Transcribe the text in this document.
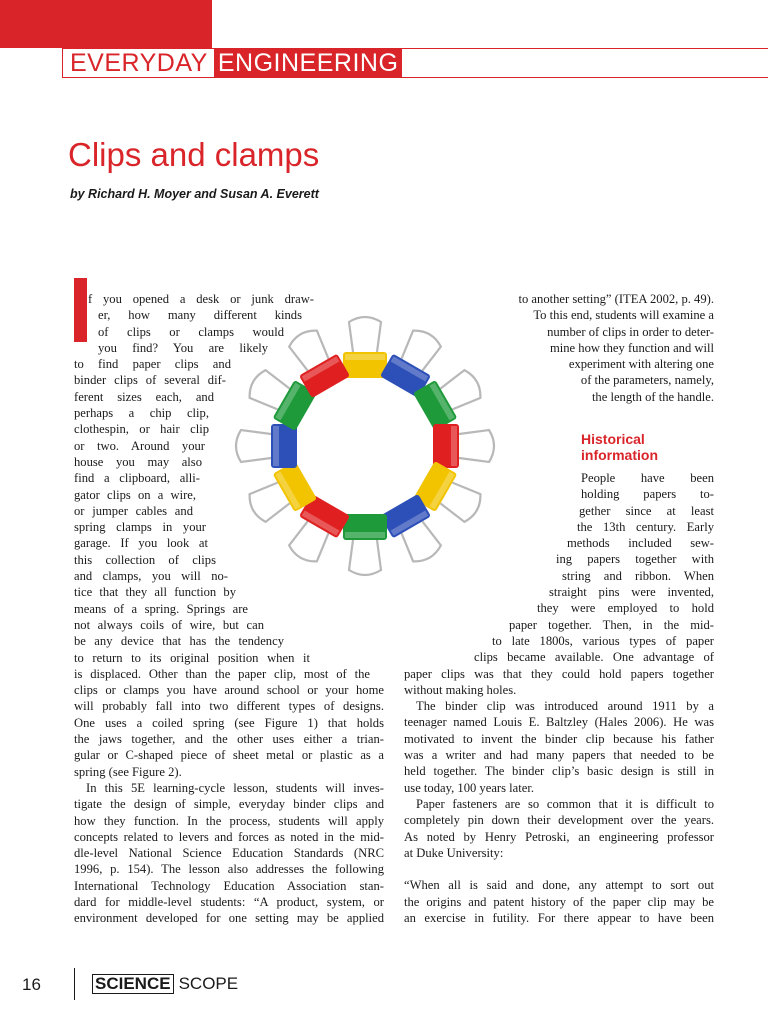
EVERYDAY ENGINEERING
Clips and clamps
by Richard H. Moyer and Susan A. Everett
f you opened a desk or junk draw-
er, how many different kinds
of clips or clamps would
you find? You are likely
to find paper clips and
binder clips of several dif-
ferent sizes each, and
perhaps a chip clip,
clothespin, or hair clip
or two. Around your
house you may also
find a clipboard, alli-
gator clips on a wire,
or jumper cables and
spring clamps in your
garage. If you look at
this collection of clips
and clamps, you will no-
tice that they all function by
means of a spring. Springs are
not always coils of wire, but can
be any device that has the tendency
to return to its original position when it
is displaced. Other than the paper clip, most of the
clips or clamps you have around school or your home
will probably fall into two different types of designs.
One uses a coiled spring (see Figure 1) that holds
the jaws together, and the other uses either a trian-
gular or C-shaped piece of sheet metal or plastic as a
spring (see Figure 2).
In this 5E learning-cycle lesson, students will inves-
tigate the design of simple, everyday binder clips and
how they function. In the process, students will apply
concepts related to levers and forces as noted in the mid-
dle-level National Science Education Standards (NRC
1996, p. 154). The lesson also addresses the following
International Technology Education Association stan-
dard for middle-level students: “A product, system, or
environment developed for one setting may be applied
to another setting” (ITEA 2002, p. 49).
To this end, students will examine a
number of clips in order to deter-
mine how they function and will
experiment with altering one
of the parameters, namely,
the length of the handle.
Historical
information
People have been
holding papers to-
gether since at least
the 13th century. Early
methods included sew-
ing papers together with
string and ribbon. When
straight pins were invented,
they were employed to hold
paper together. Then, in the mid-
to late 1800s, various types of paper
clips became available. One advantage of
paper clips was that they could hold papers together
without making holes.
The binder clip was introduced around 1911 by a
teenager named Louis E. Baltzley (Hales 2006). He was
motivated to invent the binder clip because his father
was a writer and had many papers that needed to be
held together. The binder clip’s basic design is still in
use today, 100 years later.
Paper fasteners are so common that it is difficult to
completely pin down their development over the years.
As noted by Henry Petroski, an engineering professor
at Duke University:
“When all is said and done, any attempt to sort out
the origins and patent history of the paper clip may be
an exercise in futility. For there appear to have been
16	SCIENCE SCOPE
